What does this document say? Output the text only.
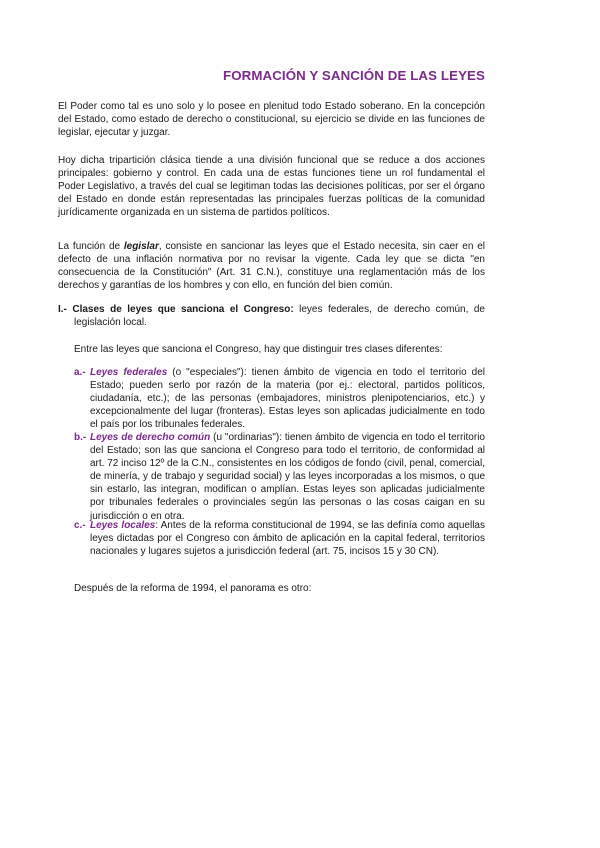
FORMACIÓN Y SANCIÓN DE LAS LEYES

El Poder como tal es uno solo y lo posee en plenitud todo Estado soberano. En la concepción del Estado, como estado de derecho o constitucional, su ejercicio se divide en las funciones de legislar, ejecutar y juzgar.

Hoy dicha tripartición clásica tiende a una división funcional que se reduce a dos acciones principales: gobierno y control. En cada una de estas funciones tiene un rol fundamental el Poder Legislativo, a través del cual se legitiman todas las decisiones políticas, por ser el órgano del Estado en donde están representadas las principales fuerzas políticas de la comunidad jurídicamente organizada en un sistema de partidos políticos.

La función de legislar, consiste en sancionar las leyes que el Estado necesita, sin caer en el defecto de una inflación normativa por no revisar la vigente. Cada ley que se dicta "en consecuencia de la Constitución" (Art. 31 C.N.), constituye una reglamentación más de los derechos y garantías de los hombres y con ello, en función del bien común.

I.- Clases de leyes que sanciona el Congreso: leyes federales, de derecho común, de legislación local.

Entre las leyes que sanciona el Congreso, hay que distinguir tres clases diferentes:

a.- Leyes federales (o "especiales"): tienen ámbito de vigencia en todo el territorio del Estado; pueden serlo por razón de la materia (por ej.: electoral, partidos políticos, ciudadanía, etc.); de las personas (embajadores, ministros plenipotenciarios, etc.) y excepcionalmente del lugar (fronteras). Estas leyes son aplicadas judicialmente en todo el país por los tribunales federales.

b.- Leyes de derecho común (u "ordinarias"): tienen ámbito de vigencia en todo el territorio del Estado; son las que sanciona el Congreso para todo el territorio, de conformidad al art. 72 inciso 12º de la C.N., consistentes en los códigos de fondo (civil, penal, comercial, de minería, y de trabajo y seguridad social) y las leyes incorporadas a los mismos, o que sin estarlo, las integran, modifican o amplían. Estas leyes son aplicadas judicialmente por tribunales federales o provinciales según las personas o las cosas caigan en su jurisdicción o en otra.

c.- Leyes locales: Antes de la reforma constitucional de 1994, se las definía como aquellas leyes dictadas por el Congreso con ámbito de aplicación en la capital federal, territorios nacionales y lugares sujetos a jurisdicción federal (art. 75, incisos 15 y 30 CN).

Después de la reforma de 1994, el panorama es otro:
